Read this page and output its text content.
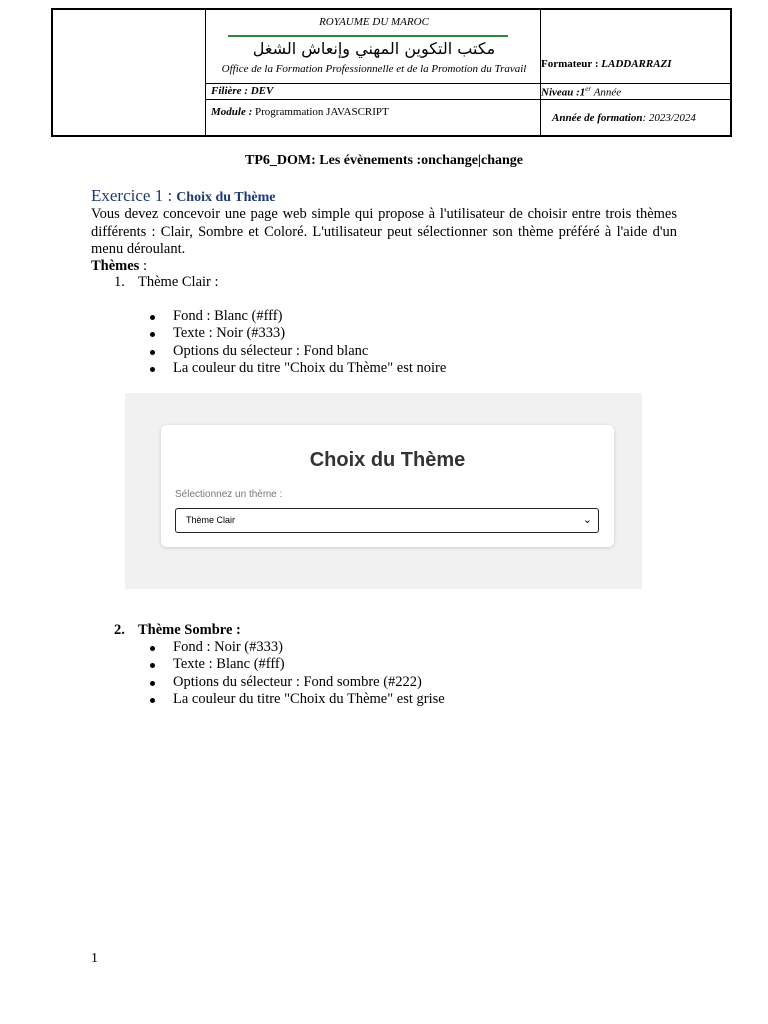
ROYAUME DU MAROC
مكتب التكوين المهني وإنعاش الشغل
Office de la Formation Professionnelle et de la Promotion du Travail
Filière : DEV
Module : Programmation JAVASCRIPT
Formateur : LADDARRAZI
Niveau :1er Année
Année de formation: 2023/2024
TP6_DOM: Les évènements :onchange|change
Exercice 1 : Choix du Thème
Vous devez concevoir une page web simple qui propose à l'utilisateur de choisir entre trois thèmes différents : Clair, Sombre et Coloré. L'utilisateur peut sélectionner son thème préféré à l'aide d'un menu déroulant.
Thèmes :
1. Thème Clair :
Fond : Blanc (#fff)
Texte : Noir (#333)
Options du sélecteur : Fond blanc
La couleur du titre "Choix du Thème" est noire
Choix du Thème
Sélectionnez un thème :
Thème Clair	⌄
2. Thème Sombre :
Fond : Noir (#333)
Texte : Blanc (#fff)
Options du sélecteur : Fond sombre (#222)
La couleur du titre "Choix du Thème" est grise
1
